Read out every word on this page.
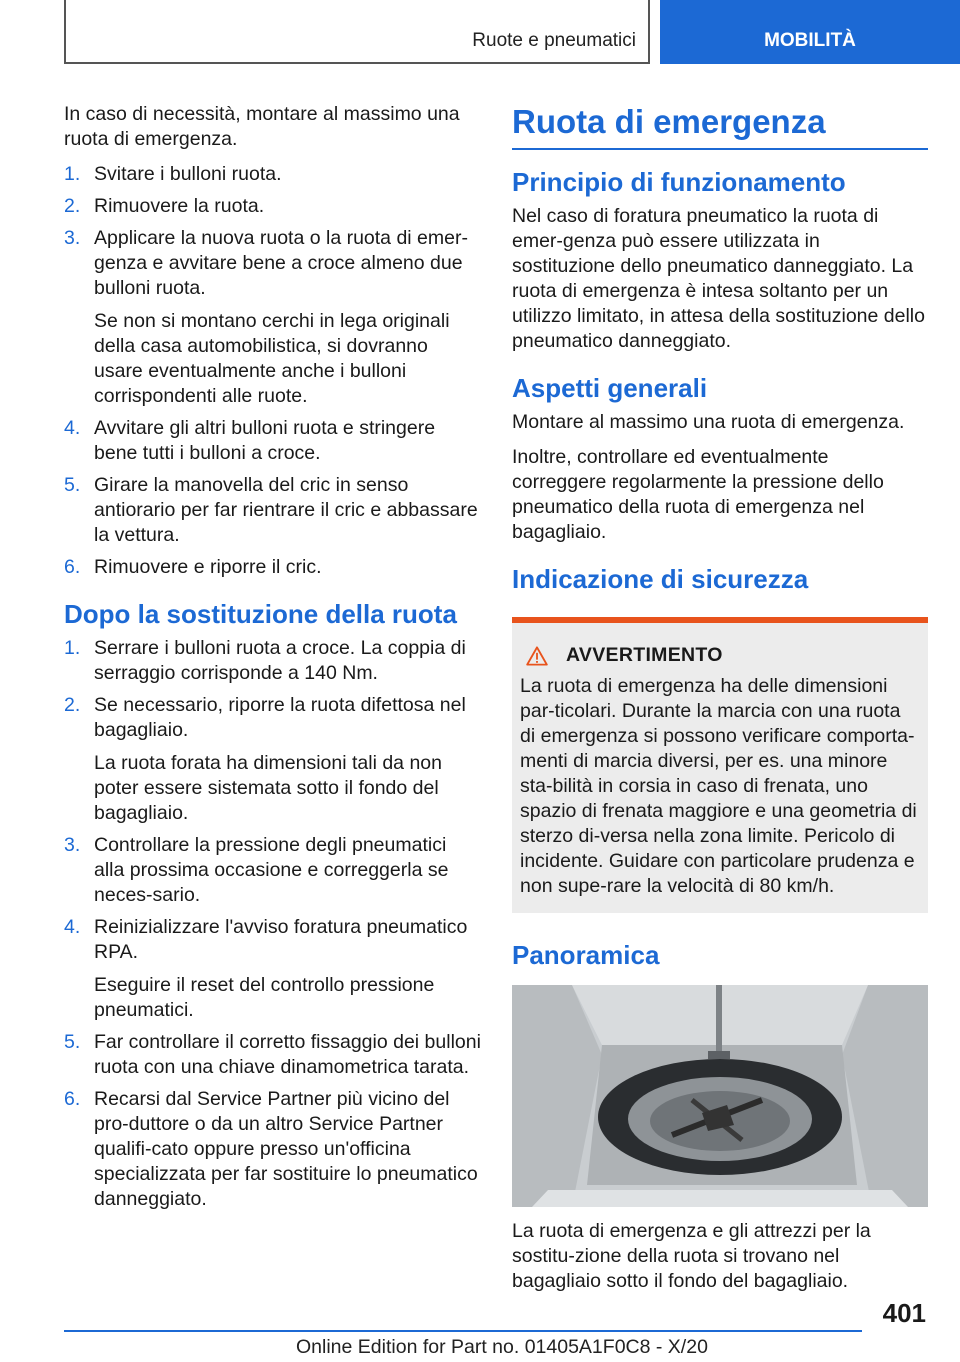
Ruote e pneumatici	MOBILITÀ

In caso di necessità, montare al massimo una ruota di emergenza.

1. Svitare i bulloni ruota.
2. Rimuovere la ruota.
3. Applicare la nuova ruota o la ruota di emer-genza e avvitare bene a croce almeno due bulloni ruota.
Se non si montano cerchi in lega originali della casa automobilistica, si dovranno usare eventualmente anche i bulloni corrispondenti alle ruote.
4. Avvitare gli altri bulloni ruota e stringere bene tutti i bulloni a croce.
5. Girare la manovella del cric in senso antiorario per far rientrare il cric e abbassare la vettura.
6. Rimuovere e riporre il cric.
Dopo la sostituzione della ruota
1. Serrare i bulloni ruota a croce. La coppia di serraggio corrisponde a 140 Nm.
2. Se necessario, riporre la ruota difettosa nel bagagliaio.
La ruota forata ha dimensioni tali da non poter essere sistemata sotto il fondo del bagagliaio.
3. Controllare la pressione degli pneumatici alla prossima occasione e correggerla se neces-sario.
4. Reinizializzare l'avviso foratura pneumatico RPA.
Eseguire il reset del controllo pressione pneumatici.
5. Far controllare il corretto fissaggio dei bulloni ruota con una chiave dinamometrica tarata.
6. Recarsi dal Service Partner più vicino del pro-duttore o da un altro Service Partner qualifi-cato oppure presso un'officina specializzata per far sostituire lo pneumatico danneggiato.
Ruota di emergenza
Principio di funzionamento

Nel caso di foratura pneumatico la ruota di emer-genza può essere utilizzata in sostituzione dello pneumatico danneggiato. La ruota di emergenza è intesa soltanto per un utilizzo limitato, in attesa della sostituzione dello pneumatico danneggiato.

Aspetti generali

Montare al massimo una ruota di emergenza.

Inoltre, controllare ed eventualmente correggere regolarmente la pressione dello pneumatico della ruota di emergenza nel bagagliaio.

Indicazione di sicurezza
AVVERTIMENTO
La ruota di emergenza ha delle dimensioni par-ticolari. Durante la marcia con una ruota di emergenza si possono verificare comporta-menti di marcia diversi, per es. una minore sta-bilità in corsia in caso di frenata, uno spazio di frenata maggiore e una geometria di sterzo di-versa nella zona limite. Pericolo di incidente. Guidare con particolare prudenza e non supe-rare la velocità di 80 km/h.
Panoramica

La ruota di emergenza e gli attrezzi per la sostitu-zione della ruota si trovano nel bagagliaio sotto il fondo del bagagliaio.

401
Online Edition for Part no. 01405A1F0C8 - X/20
